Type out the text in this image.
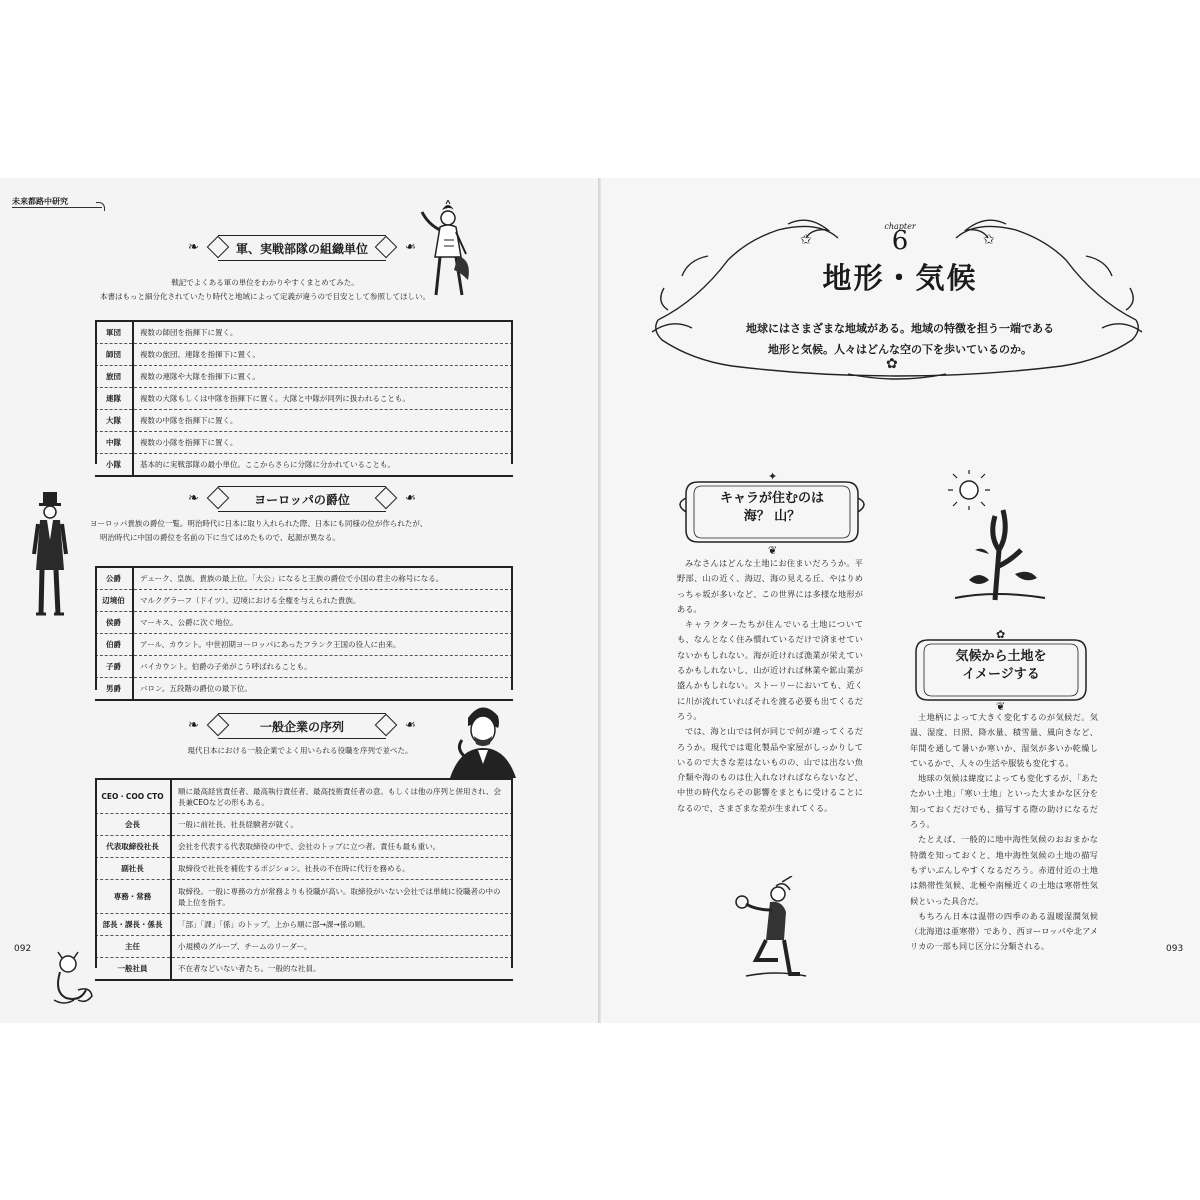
未来都路中研究
❧	軍、実戦部隊の組織単位	❧
戦記でよくある軍の単位をわかりやすくまとめてみた。
本書はもっと細分化されていたり時代と地域によって定義が違うので目安として参照してほしい。
軍団	複数の師団を指揮下に置く。
師団	複数の旅団、連隊を指揮下に置く。
旅団	複数の連隊や大隊を指揮下に置く。
連隊	複数の大隊もしくは中隊を指揮下に置く。大隊と中隊が同列に扱われることも。
大隊	複数の中隊を指揮下に置く。
中隊	複数の小隊を指揮下に置く。
小隊	基本的に実戦部隊の最小単位。ここからさらに分隊に分かれていることも。
❧	ヨーロッパの爵位	❧
ヨーロッパ貴族の爵位一覧。明治時代に日本に取り入れられた際、日本にも同様の位が作られたが、
明治時代に中国の爵位を名前の下に当てはめたもので、起源が異なる。
公爵	デューク、皇族、貴族の最上位。「大公」になると王族の爵位で小国の君主の称号になる。
辺境伯	マルクグラーフ（ドイツ）、辺境における全権を与えられた貴族。
侯爵	マーキス、公爵に次ぐ地位。
伯爵	アール、カウント。中世初期ヨーロッパにあったフランク王国の役人に由来。
子爵	バイカウント。伯爵の子弟がこう呼ばれることも。
男爵	バロン。五段階の爵位の最下位。
❧	一般企業の序列	❧
現代日本における一般企業でよく用いられる役職を序列で並べた。
CEO・COO CTO	順に最高経営責任者、最高執行責任者、最高技術責任者の意。もしくは他の序列と併用され、会長兼CEOなどの形もある。
会長	一般に前社長、社長経験者が就く。
代表取締役社長	会社を代表する代表取締役の中で、会社のトップに立つ者。責任も最も重い。
副社長	取締役で社長を補佐するポジション。社長の不在時に代行を務める。
専務・常務	取締役。一般に専務の方が常務よりも役職が高い。取締役がいない会社では単純に役職者の中の最上位を指す。
部長・課長・係長	「部」「課」「係」のトップ。上から順に部→課→係の順。
主任	小規模のグループ、チームのリーダー。
一般社員	不在者などいない者たち。一般的な社員。
092
✩	✩
✿
chapter
6
地形・気候
地球にはさまざまな地域がある。地域の特徴を担う一端である
地形と気候。人々はどんな空の下を歩いているのか。
✦
❦
キャラが住むのは
海？ 山？

みなさんはどんな土地にお住まいだろうか。平野部、山の近く、海辺、海の見える丘、やはりめっちゃ坂が多いなど、この世界には多様な地形がある。

キャラクターたちが住んでいる土地についても、なんとなく住み慣れているだけで済ませていないかもしれない。海が近ければ漁業が栄えているかもしれないし、山が近ければ林業や鉱山業が盛んかもしれない。ストーリーにおいても、近くに川が流れていればそれを渡る必要も出てくるだろう。

では、海と山では何が同じで何が違ってくるだろうか。現代では電化製品や家屋がしっかりしているので大きな差はないものの、山では出ない魚介類や海のものは仕入れなければならないなど、中世の時代ならその影響をまともに受けることになるので、さまざまな差が生まれてくる。

✿
❦
気候から土地を
イメージする

土地柄によって大きく変化するのが気候だ。気温、湿度、日照、降水量、積雪量、風向きなど、年間を通して暑いか寒いか、湿気が多いか乾燥しているかで、人々の生活や服装も変化する。

地球の気候は緯度によっても変化するが、「あたたかい土地」「寒い土地」といった大まかな区分を知っておくだけでも、描写する際の助けになるだろう。

たとえば、一般的に地中海性気候のおおまかな特徴を知っておくと、地中海性気候の土地の描写もずいぶんしやすくなるだろう。赤道付近の土地は熱帯性気候、北極や南極近くの土地は寒帯性気候といった具合だ。

もちろん日本は温帯の四季のある温暖湿潤気候（北海道は亜寒帯）であり、西ヨーロッパや北アメリカの一部も同じ区分に分類される。	093
